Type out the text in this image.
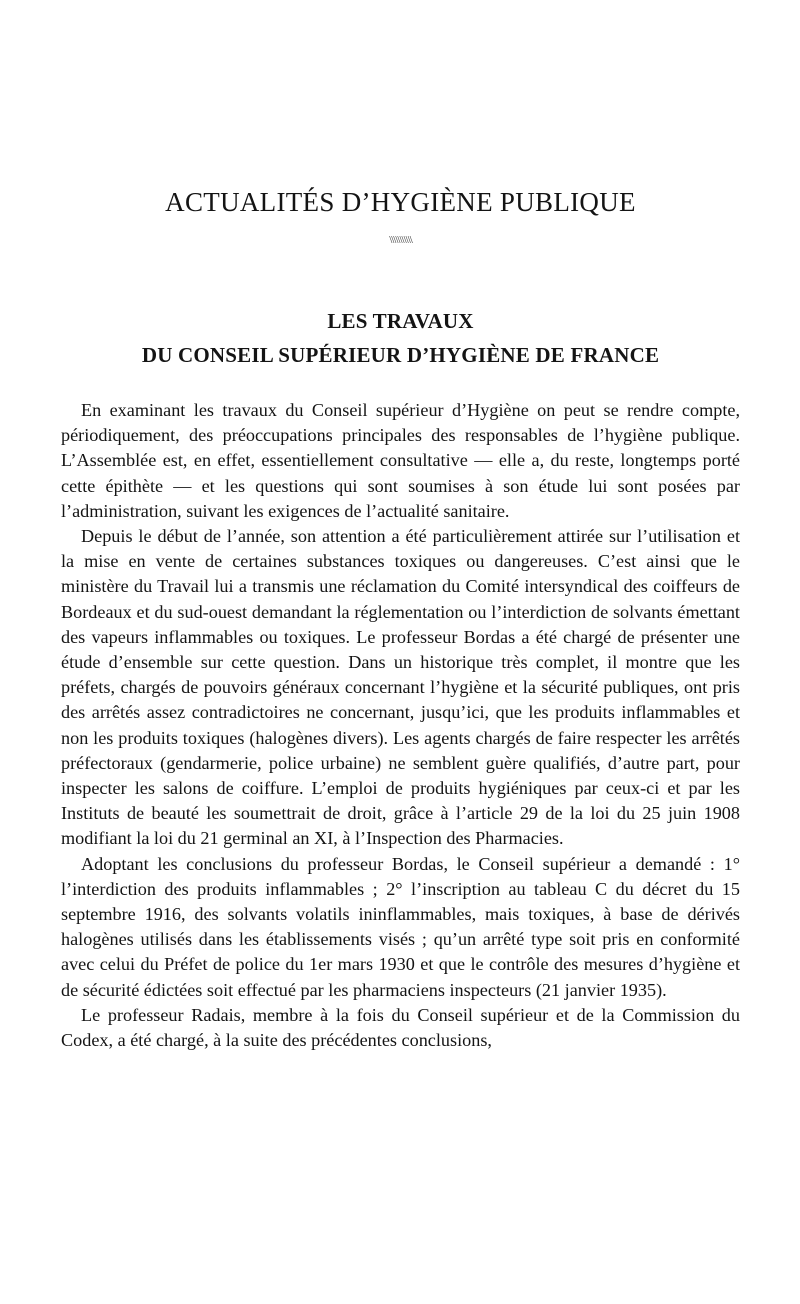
ACTUALITÉS D’HYGIÈNE PUBLIQUE
\\\\\\\\\\\
LES TRAVAUX
DU CONSEIL SUPÉRIEUR D’HYGIÈNE DE FRANCE

En examinant les travaux du Conseil supérieur d’Hygiène on peut se rendre compte, périodiquement, des préoccupations principales des responsables de l’hygiène publique. L’Assemblée est, en effet, essentiellement consultative — elle a, du reste, longtemps porté cette épithète — et les questions qui sont soumises à son étude lui sont posées par l’administration, suivant les exigences de l’actualité sanitaire.

Depuis le début de l’année, son attention a été particulièrement attirée sur l’utilisation et la mise en vente de certaines substances toxiques ou dangereuses. C’est ainsi que le ministère du Travail lui a transmis une réclamation du Comité intersyndical des coiffeurs de Bordeaux et du sud-ouest demandant la réglementation ou l’interdiction de solvants émettant des vapeurs inflammables ou toxiques. Le professeur Bordas a été chargé de présenter une étude d’ensemble sur cette question. Dans un historique très complet, il montre que les préfets, chargés de pouvoirs généraux concernant l’hygiène et la sécurité publiques, ont pris des arrêtés assez contradictoires ne concernant, jusqu’ici, que les produits inflammables et non les produits toxiques (halogènes divers). Les agents chargés de faire respecter les arrêtés préfectoraux (gendarmerie, police urbaine) ne semblent guère qualifiés, d’autre part, pour inspecter les salons de coiffure. L’emploi de produits hygiéniques par ceux-ci et par les Instituts de beauté les soumettrait de droit, grâce à l’article 29 de la loi du 25 juin 1908 modifiant la loi du 21 germinal an XI, à l’Inspection des Pharmacies.

Adoptant les conclusions du professeur Bordas, le Conseil supérieur a demandé : 1° l’interdiction des produits inflammables ; 2° l’inscription au tableau C du décret du 15 septembre 1916, des solvants volatils ininflammables, mais toxiques, à base de dérivés halogènes utilisés dans les établissements visés ; qu’un arrêté type soit pris en conformité avec celui du Préfet de police du 1er mars 1930 et que le contrôle des mesures d’hygiène et de sécurité édictées soit effectué par les pharmaciens inspecteurs (21 janvier 1935).

Le professeur Radais, membre à la fois du Conseil supérieur et de la Commission du Codex, a été chargé, à la suite des précédentes conclusions,
